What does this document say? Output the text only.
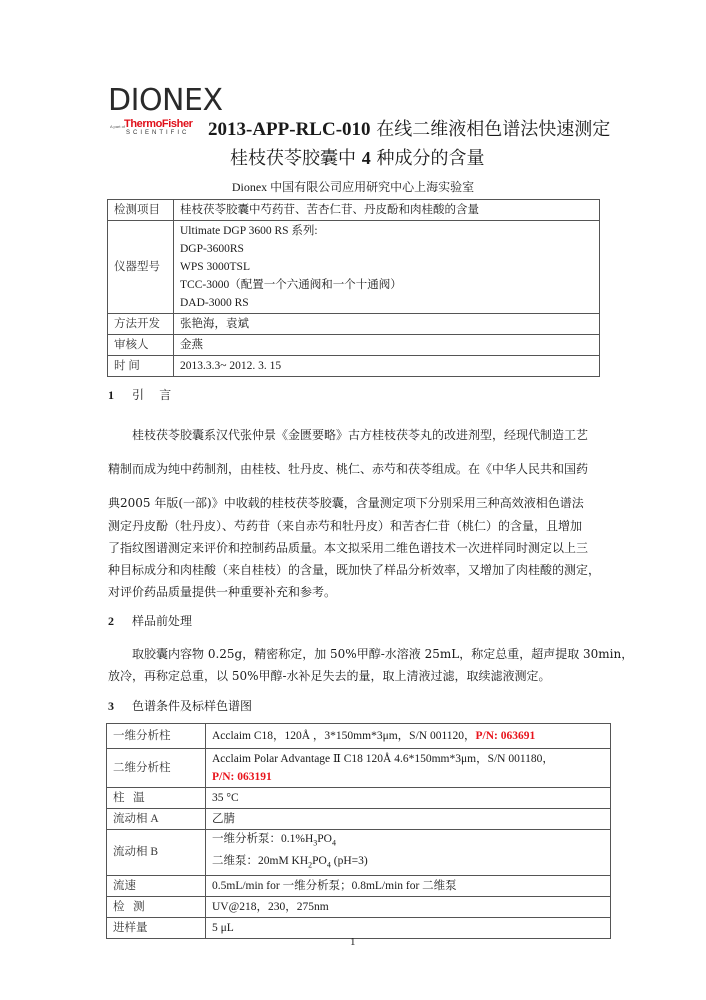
DIONEX
A part of ThermoFisher
SCIENTIFIC 2013-APP-RLC-010 在线二维液相色谱法快速测定
桂枝茯苓胶囊中 4 种成分的含量
Dionex 中国有限公司应用研究中心上海实验室
检测项目	桂枝茯苓胶囊中芍药苷、苦杏仁苷、丹皮酚和肉桂酸的含量
仪器型号	Ultimate DGP 3600 RS 系列:
DGP-3600RS
WPS 3000TSL
TCC-3000（配置一个六通阀和一个十通阀）
DAD-3000 RS

方法开发	张艳海，袁斌
审核人	金燕
时 间	2013.3.3~ 2012. 3. 15
1 引    言
　　桂枝茯苓胶囊系汉代张仲景《金匮要略》古方桂枝茯苓丸的改进剂型，经现代制造工艺
精制而成为纯中药制剂，由桂枝、牡丹皮、桃仁、赤芍和茯苓组成。在《中华人民共和国药
典2005 年版(一部)》中收载的桂枝茯苓胶囊，含量测定项下分别采用三种高效液相色谱法
测定丹皮酚（牡丹皮）、芍药苷（来自赤芍和牡丹皮）和苦杏仁苷（桃仁）的含量，且增加
了指纹图谱测定来评价和控制药品质量。本文拟采用二维色谱技术一次进样同时测定以上三
种目标成分和肉桂酸（来自桂枝）的含量，既加快了样品分析效率，又增加了肉桂酸的测定，
对评价药品质量提供一种重要补充和参考。
2 样品前处理
　　取胶囊内容物 0.25g，精密称定，加 50%甲醇-水溶液 25mL，称定总重，超声提取 30min，
放冷，再称定总重，以 50%甲醇-水补足失去的量，取上清液过滤，取续滤液测定。
3 色谱条件及标样色谱图
一维分析柱	Acclaim C18，120Å ，3*150mm*3μm，S/N 001120，P/N: 063691
二维分析柱	Acclaim Polar Advantage Ⅱ C18 120Å 4.6*150mm*3μm，S/N 001180，
P/N: 063191

柱   温	35 °C
流动相 A	乙腈
流动相 B	一维分析泵：$0.1\%H_3PO_4$
二维泵：20mM $KH_2PO_4$ (pH=3)

流速	0.5mL/min for 一维分析泵；0.8mL/min for 二维泵
检   测	UV@218，230，275nm
进样量	5 μL
1
